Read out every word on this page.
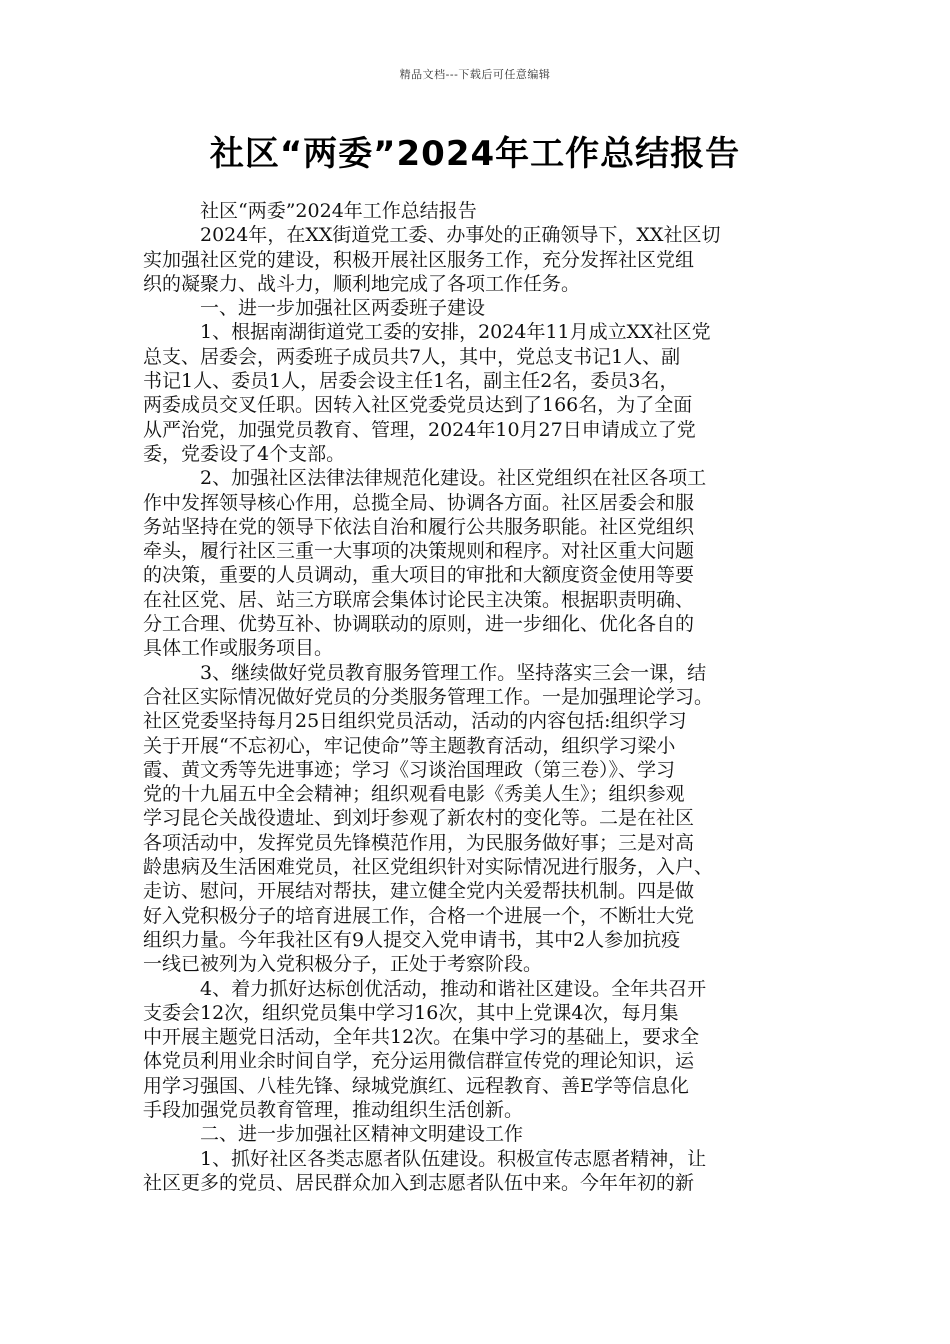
精品文档---下载后可任意编辑
社区“两委”2024年工作总结报告
社区“两委”2024年工作总结报告
2024年，在XX街道党工委、办事处的正确领导下，XX社区切
实加强社区党的建设，积极开展社区服务工作，充分发挥社区党组
织的凝聚力、战斗力，顺利地完成了各项工作任务。
一、进一步加强社区两委班子建设
1、根据南湖街道党工委的安排，2024年11月成立XX社区党
总支、居委会，两委班子成员共7人，其中，党总支书记1人、副
书记1人、委员1人，居委会设主任1名，副主任2名，委员3名，
两委成员交叉任职。因转入社区党委党员达到了166名，为了全面
从严治党，加强党员教育、管理，2024年10月27日申请成立了党
委，党委设了4个支部。
2、加强社区法律法律规范化建设。社区党组织在社区各项工
作中发挥领导核心作用，总揽全局、协调各方面。社区居委会和服
务站坚持在党的领导下依法自治和履行公共服务职能。社区党组织
牵头，履行社区三重一大事项的决策规则和程序。对社区重大问题
的决策，重要的人员调动，重大项目的审批和大额度资金使用等要
在社区党、居、站三方联席会集体讨论民主决策。根据职责明确、
分工合理、优势互补、协调联动的原则，进一步细化、优化各自的
具体工作或服务项目。
3、继续做好党员教育服务管理工作。坚持落实三会一课，结
合社区实际情况做好党员的分类服务管理工作。一是加强理论学习。
社区党委坚持每月25日组织党员活动，活动的内容包括:组织学习
关于开展“不忘初心，牢记使命”等主题教育活动，组织学习梁小
霞、黄文秀等先进事迹；学习《习谈治国理政（第三卷）》、学习
党的十九届五中全会精神；组织观看电影《秀美人生》；组织参观
学习昆仑关战役遗址、到刘圩参观了新农村的变化等。二是在社区
各项活动中，发挥党员先锋模范作用，为民服务做好事；三是对高
龄患病及生活困难党员，社区党组织针对实际情况进行服务，入户、
走访、慰问，开展结对帮扶，建立健全党内关爱帮扶机制。四是做
好入党积极分子的培育进展工作，合格一个进展一个，不断壮大党
组织力量。今年我社区有9人提交入党申请书，其中2人参加抗疫
一线已被列为入党积极分子，正处于考察阶段。
4、着力抓好达标创优活动，推动和谐社区建设。全年共召开
支委会12次，组织党员集中学习16次，其中上党课4次，每月集
中开展主题党日活动，全年共12次。在集中学习的基础上，要求全
体党员利用业余时间自学，充分运用微信群宣传党的理论知识，运
用学习强国、八桂先锋、绿城党旗红、远程教育、善E学等信息化
手段加强党员教育管理，推动组织生活创新。
二、进一步加强社区精神文明建设工作
1、抓好社区各类志愿者队伍建设。积极宣传志愿者精神，让
社区更多的党员、居民群众加入到志愿者队伍中来。今年年初的新
